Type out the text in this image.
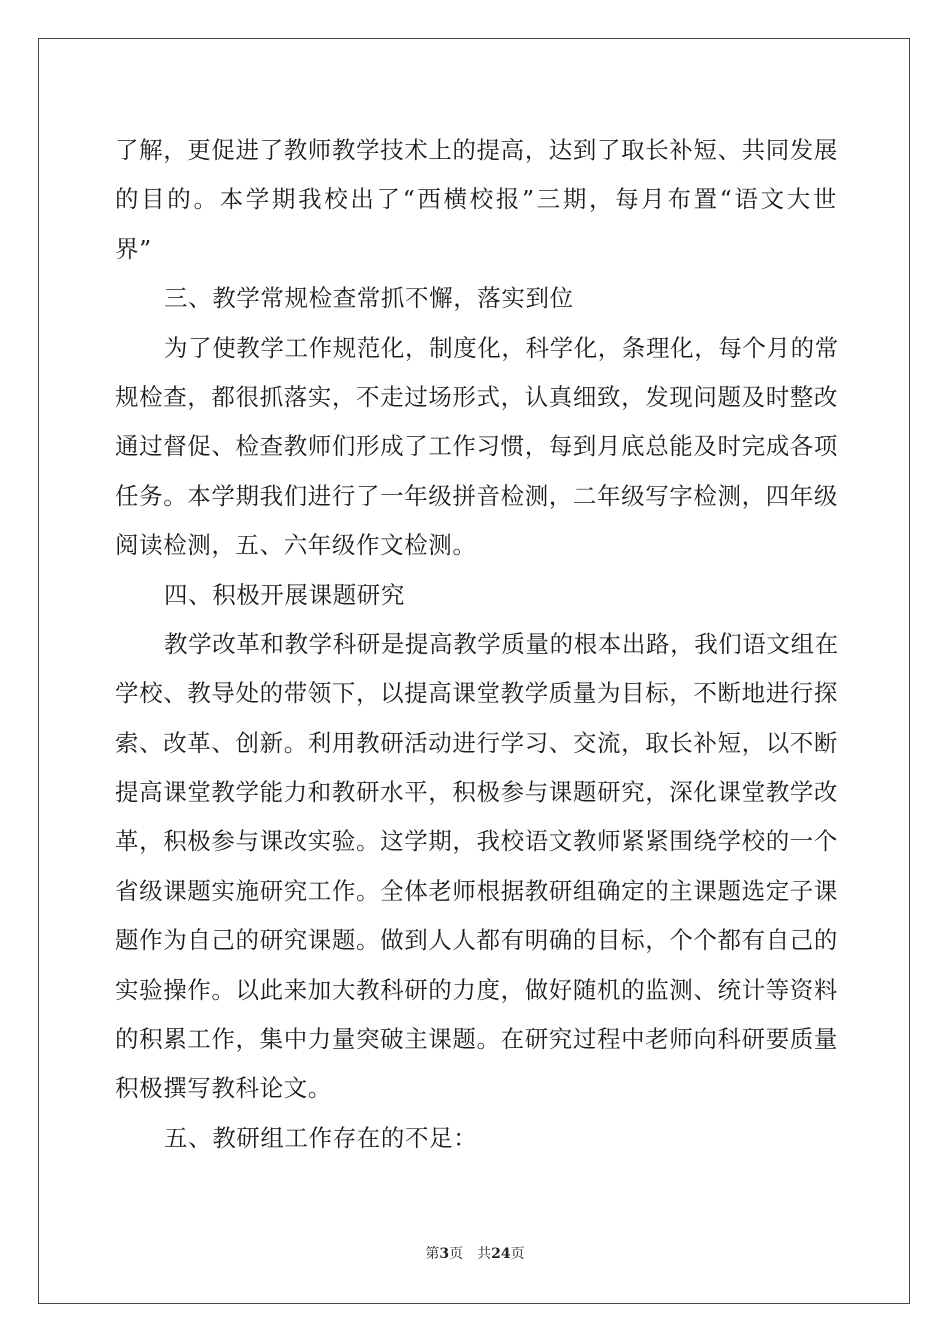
了解，更促进了教师教学技术上的提高，达到了取长补短、共同发展
的目的。本学期我校出了“西横校报”三期，每月布置“语文大世
界”
三、教学常规检查常抓不懈，落实到位
为了使教学工作规范化，制度化，科学化，条理化，每个月的常
规检查，都很抓落实，不走过场形式，认真细致，发现问题及时整改
通过督促、检查教师们形成了工作习惯，每到月底总能及时完成各项
任务。本学期我们进行了一年级拼音检测，二年级写字检测，四年级
阅读检测，五、六年级作文检测。
四、积极开展课题研究
教学改革和教学科研是提高教学质量的根本出路，我们语文组在
学校、教导处的带领下，以提高课堂教学质量为目标，不断地进行探
索、改革、创新。利用教研活动进行学习、交流，取长补短，以不断
提高课堂教学能力和教研水平，积极参与课题研究，深化课堂教学改
革，积极参与课改实验。这学期，我校语文教师紧紧围绕学校的一个
省级课题实施研究工作。全体老师根据教研组确定的主课题选定子课
题作为自己的研究课题。做到人人都有明确的目标，个个都有自己的
实验操作。以此来加大教科研的力度，做好随机的监测、统计等资料
的积累工作，集中力量突破主课题。在研究过程中老师向科研要质量
积极撰写教科论文。
五、教研组工作存在的不足：
第3页 共24页
